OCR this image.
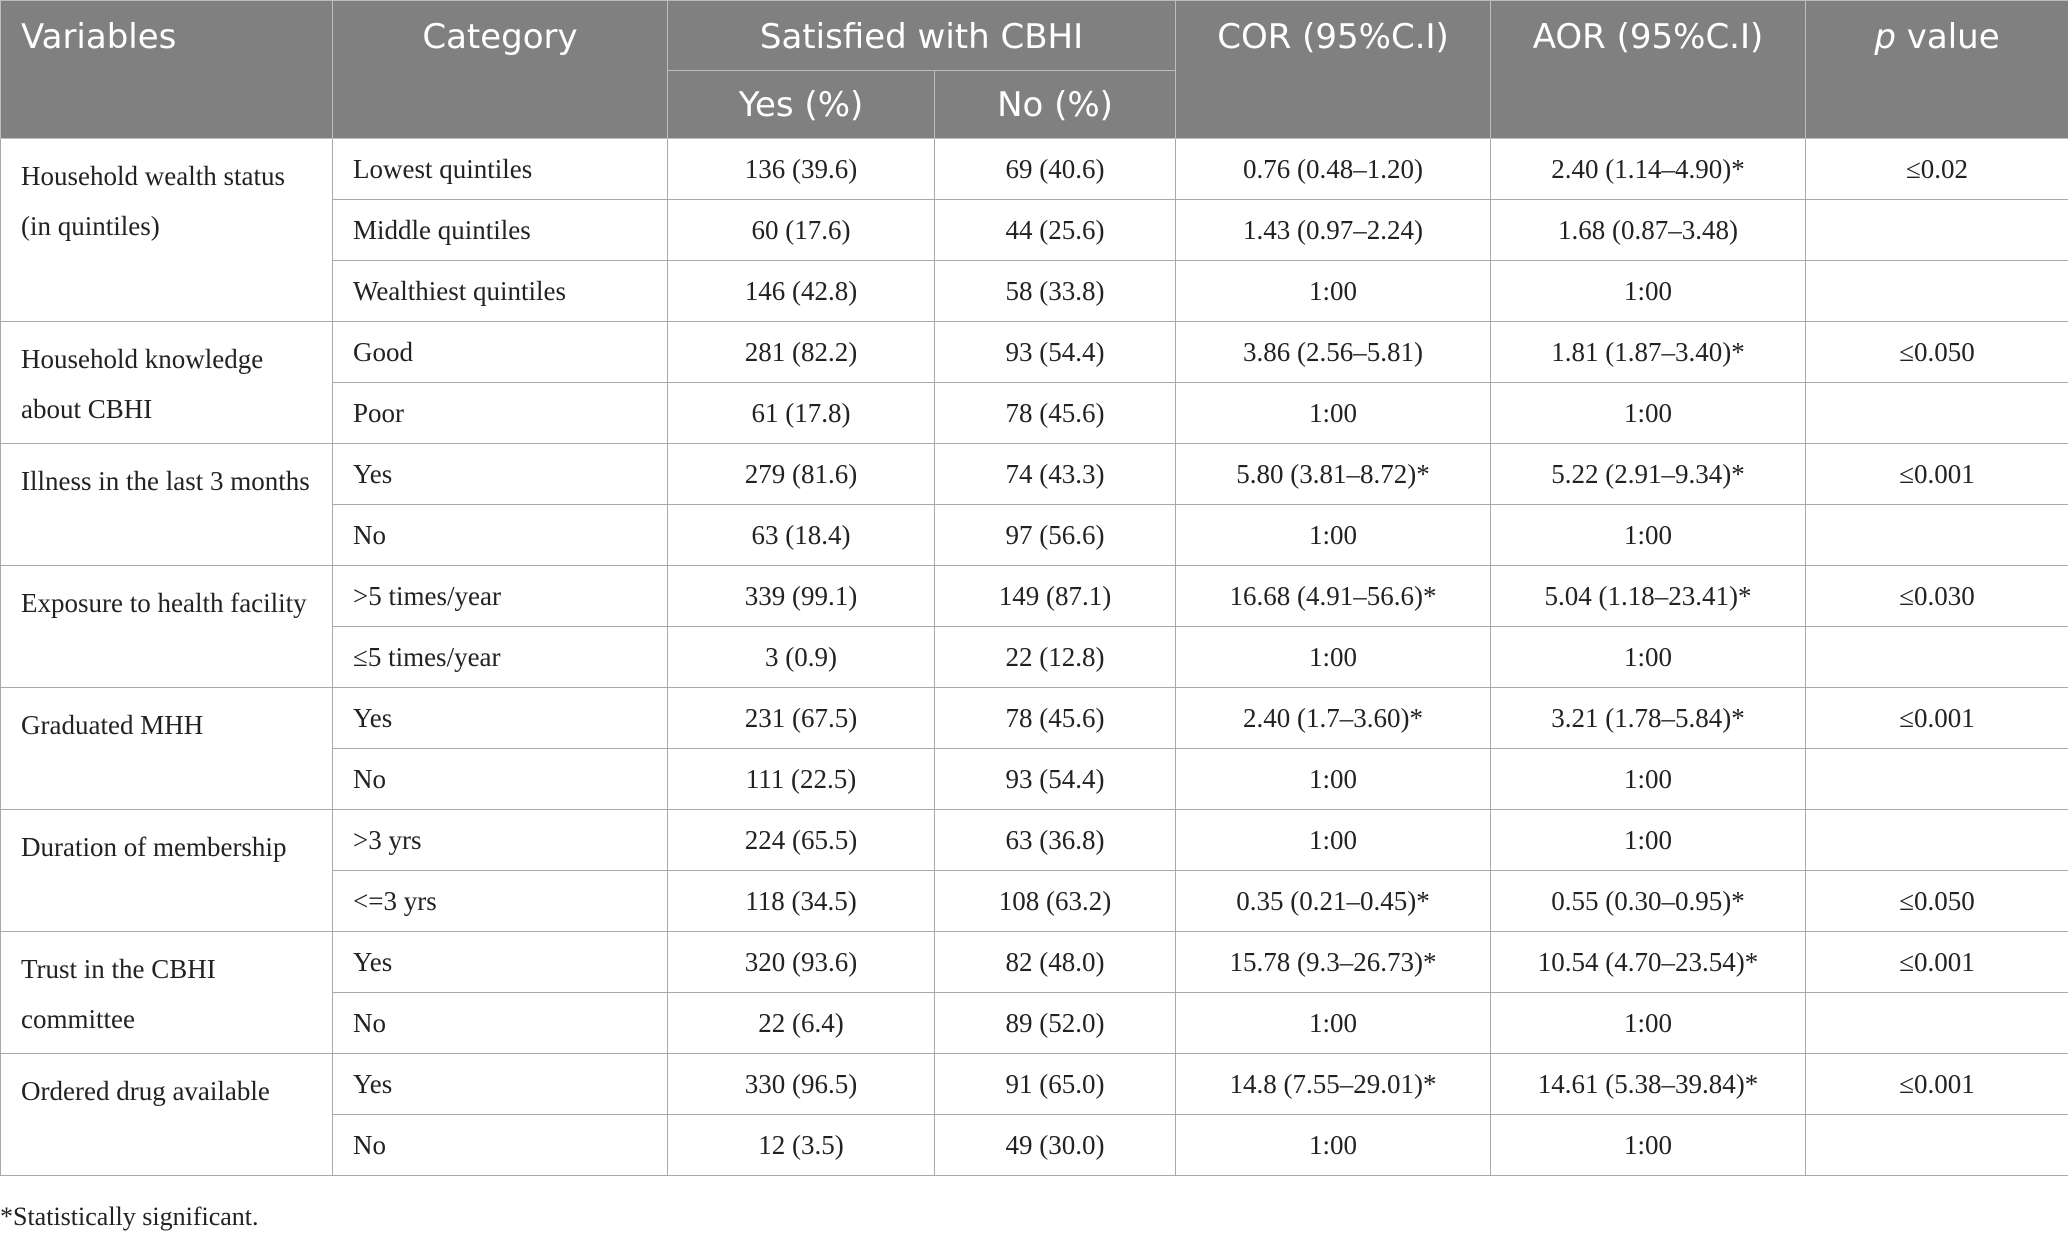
Variables	Category	Satisfied with CBHI		COR (95%C.I)	AOR (95%C.I)	p value
		Yes (%)	No (%)			
Household wealth status (in quintiles)	Lowest quintiles	136 (39.6)	69 (40.6)	0.76 (0.48–1.20)	2.40 (1.14–4.90)*	≤0.02
	Middle quintiles	60 (17.6)	44 (25.6)	1.43 (0.97–2.24)	1.68 (0.87–3.48)	
	Wealthiest quintiles	146 (42.8)	58 (33.8)	1:00	1:00	
Household knowledge about CBHI	Good	281 (82.2)	93 (54.4)	3.86 (2.56–5.81)	1.81 (1.87–3.40)*	≤0.050
	Poor	61 (17.8)	78 (45.6)	1:00	1:00	
Illness in the last 3 months	Yes	279 (81.6)	74 (43.3)	5.80 (3.81–8.72)*	5.22 (2.91–9.34)*	≤0.001
	No	63 (18.4)	97 (56.6)	1:00	1:00	
Exposure to health facility	>5 times/year	339 (99.1)	149 (87.1)	16.68 (4.91–56.6)*	5.04 (1.18–23.41)*	≤0.030
	≤5 times/year	3 (0.9)	22 (12.8)	1:00	1:00	
Graduated MHH	Yes	231 (67.5)	78 (45.6)	2.40 (1.7–3.60)*	3.21 (1.78–5.84)*	≤0.001
	No	111 (22.5)	93 (54.4)	1:00	1:00	
Duration of membership	>3 yrs	224 (65.5)	63 (36.8)	1:00	1:00	
	<=3 yrs	118 (34.5)	108 (63.2)	0.35 (0.21–0.45)*	0.55 (0.30–0.95)*	≤0.050
Trust in the CBHI committee	Yes	320 (93.6)	82 (48.0)	15.78 (9.3–26.73)*	10.54 (4.70–23.54)*	≤0.001
	No	22 (6.4)	89 (52.0)	1:00	1:00	
Ordered drug available	Yes	330 (96.5)	91 (65.0)	14.8 (7.55–29.01)*	14.61 (5.38–39.84)*	≤0.001
	No	12 (3.5)	49 (30.0)	1:00	1:00	
*Statistically significant.
